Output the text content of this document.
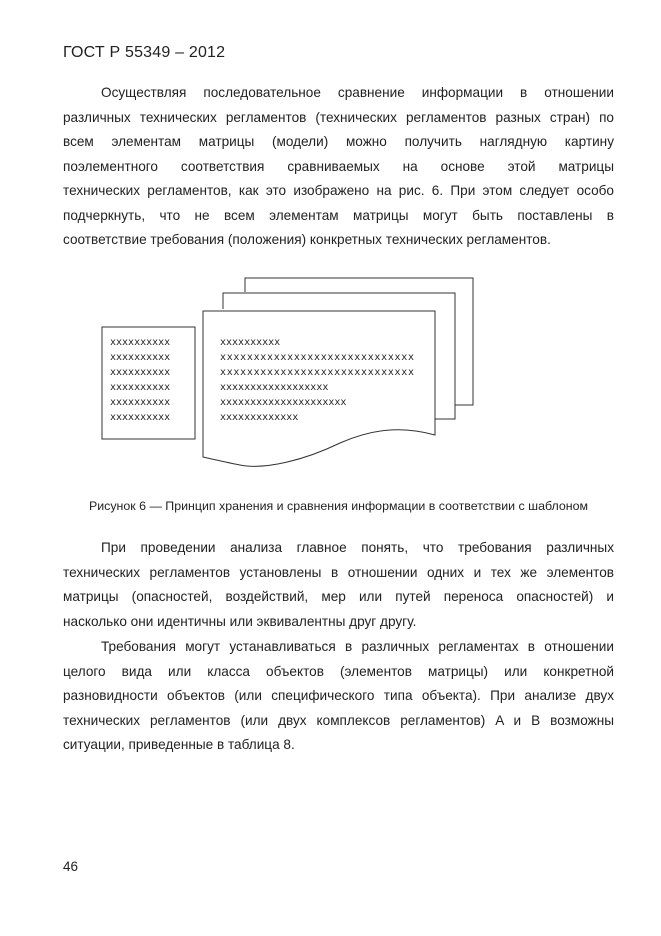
ГОСТ Р 55349 – 2012
Осуществляя последовательное сравнение информации в отношении
различных технических регламентов (технических регламентов разных стран) по
всем элементам матрицы (модели) можно получить наглядную картину
поэлементного соответствия сравниваемых на основе этой матрицы
технических регламентов, как это изображено на рис. 6. При этом следует особо
подчеркнуть, что не всем элементам матрицы могут быть поставлены в
соответствие требования (положения) конкретных технических регламентов.
xxxxxxxxxx
xxxxxxxxxx
xxxxxxxxxx
xxxxxxxxxx
xxxxxxxxxx
xxxxxxxxxx
xxxxxxxxxx
xxxxxxxxxxxxxxxxxxxxxxxxxxxxx
xxxxxxxxxxxxxxxxxxxxxxxxxxxxx
xxxxxxxxxxxxxxxxxx
xxxxxxxxxxxxxxxxxxxxx
xxxxxxxxxxxxx
Рисунок 6 — Принцип хранения и сравнения информации в соответствии с шаблоном
При проведении анализа главное понять, что требования различных
технических регламентов установлены в отношении одних и тех же элементов
матрицы (опасностей, воздействий, мер или путей переноса опасностей) и
насколько они идентичны или эквивалентны друг другу.
Требования могут устанавливаться в различных регламентах в отношении
целого вида или класса объектов (элементов матрицы) или конкретной
разновидности объектов (или специфического типа объекта). При анализе двух
технических регламентов (или двух комплексов регламентов) A и B возможны
ситуации, приведенные в таблица 8.
46
